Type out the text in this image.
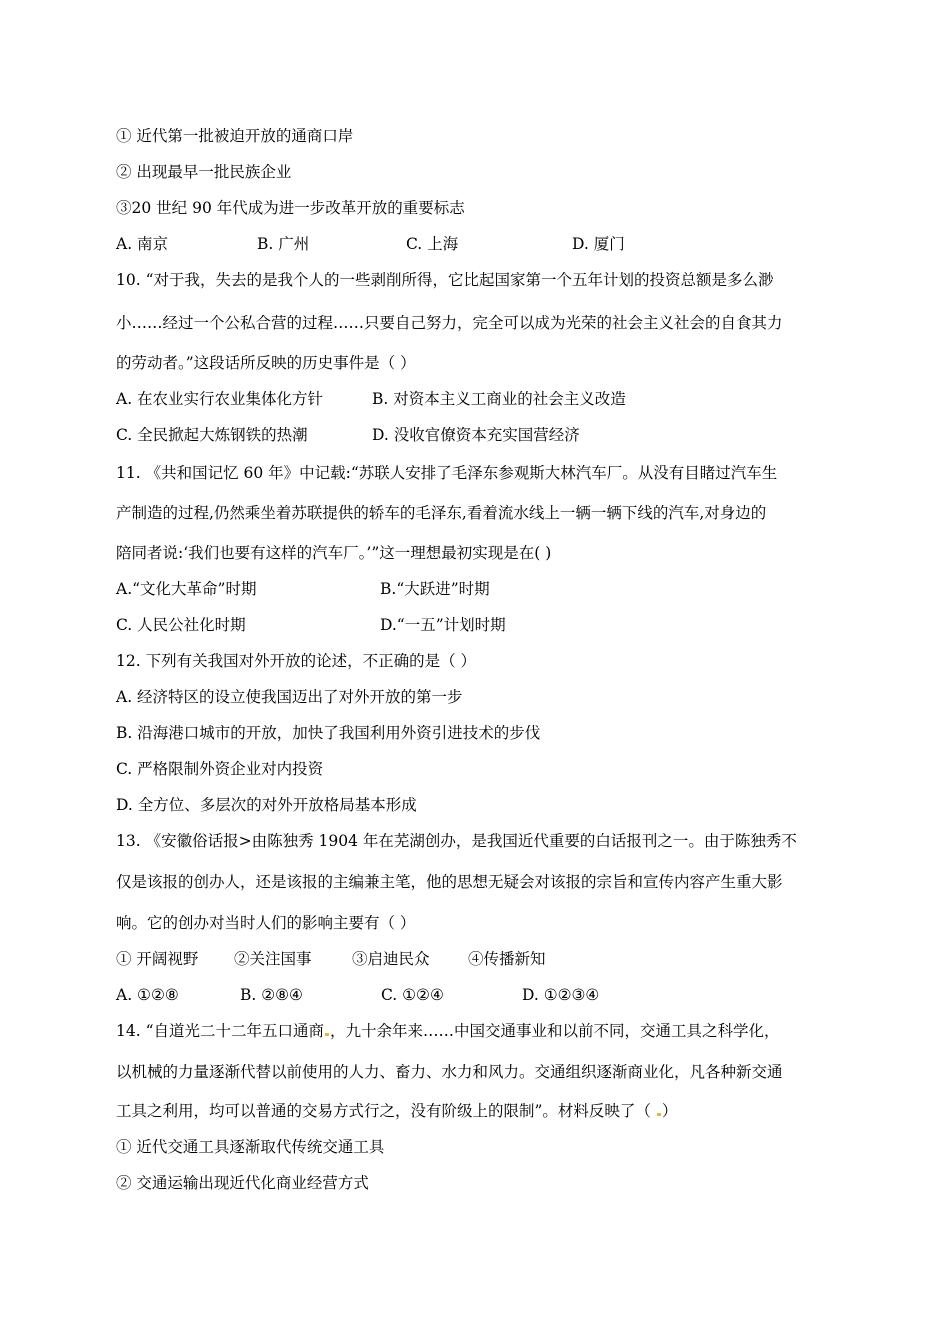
① 近代第一批被迫开放的通商口岸
② 出现最早一批民族企业
③20 世纪 90 年代成为进一步改革开放的重要标志
A. 南京	B. 广州	C. 上海	D. 厦门
10. “对于我，失去的是我个人的一些剥削所得，它比起国家第一个五年计划的投资总额是多么渺
小……经过一个公私合营的过程……只要自己努力，完全可以成为光荣的社会主义社会的自食其力
的劳动者。”这段话所反映的历史事件是（ ）
A. 在农业实行农业集体化方针	B. 对资本主义工商业的社会主义改造
C. 全民掀起大炼钢铁的热潮	D. 没收官僚资本充实国营经济
11. 《共和国记忆 60 年》中记载:“苏联人安排了毛泽东参观斯大林汽车厂。从没有目睹过汽车生
产制造的过程,仍然乘坐着苏联提供的轿车的毛泽东,看着流水线上一辆一辆下线的汽车,对身边的
陪同者说:‘我们也要有这样的汽车厂。’”这一理想最初实现是在( )
A.“文化大革命”时期	B.“大跃进”时期
C. 人民公社化时期	D.“一五”计划时期
12. 下列有关我国对外开放的论述，不正确的是（ ）
A. 经济特区的设立使我国迈出了对外开放的第一步
B. 沿海港口城市的开放，加快了我国利用外资引进技术的步伐
C. 严格限制外资企业对内投资
D. 全方位、多层次的对外开放格局基本形成
13. 《安徽俗话报>由陈独秀 1904 年在芜湖创办，是我国近代重要的白话报刊之一。由于陈独秀不
仅是该报的创办人，还是该报的主编兼主笔，他的思想无疑会对该报的宗旨和宣传内容产生重大影
响。它的创办对当时人们的影响主要有（ ）
① 开阔视野 ②关注国事	③启迪民众 ④传播新知
A. ①②⑧	B. ②⑧④	C. ①②④	D. ①②③④
14. “自道光二十二年五口通商 ，九十余年来……中国交通事业和以前不同，交通工具之科学化，
以机械的力量逐渐代替以前使用的人力、畜力、水力和风力。交通组织逐渐商业化，凡各种新交通
工具之利用，均可以普通的交易方式行之，没有阶级上的限制”。材料反映了（ ）
① 近代交通工具逐渐取代传统交通工具
② 交通运输出现近代化商业经营方式
